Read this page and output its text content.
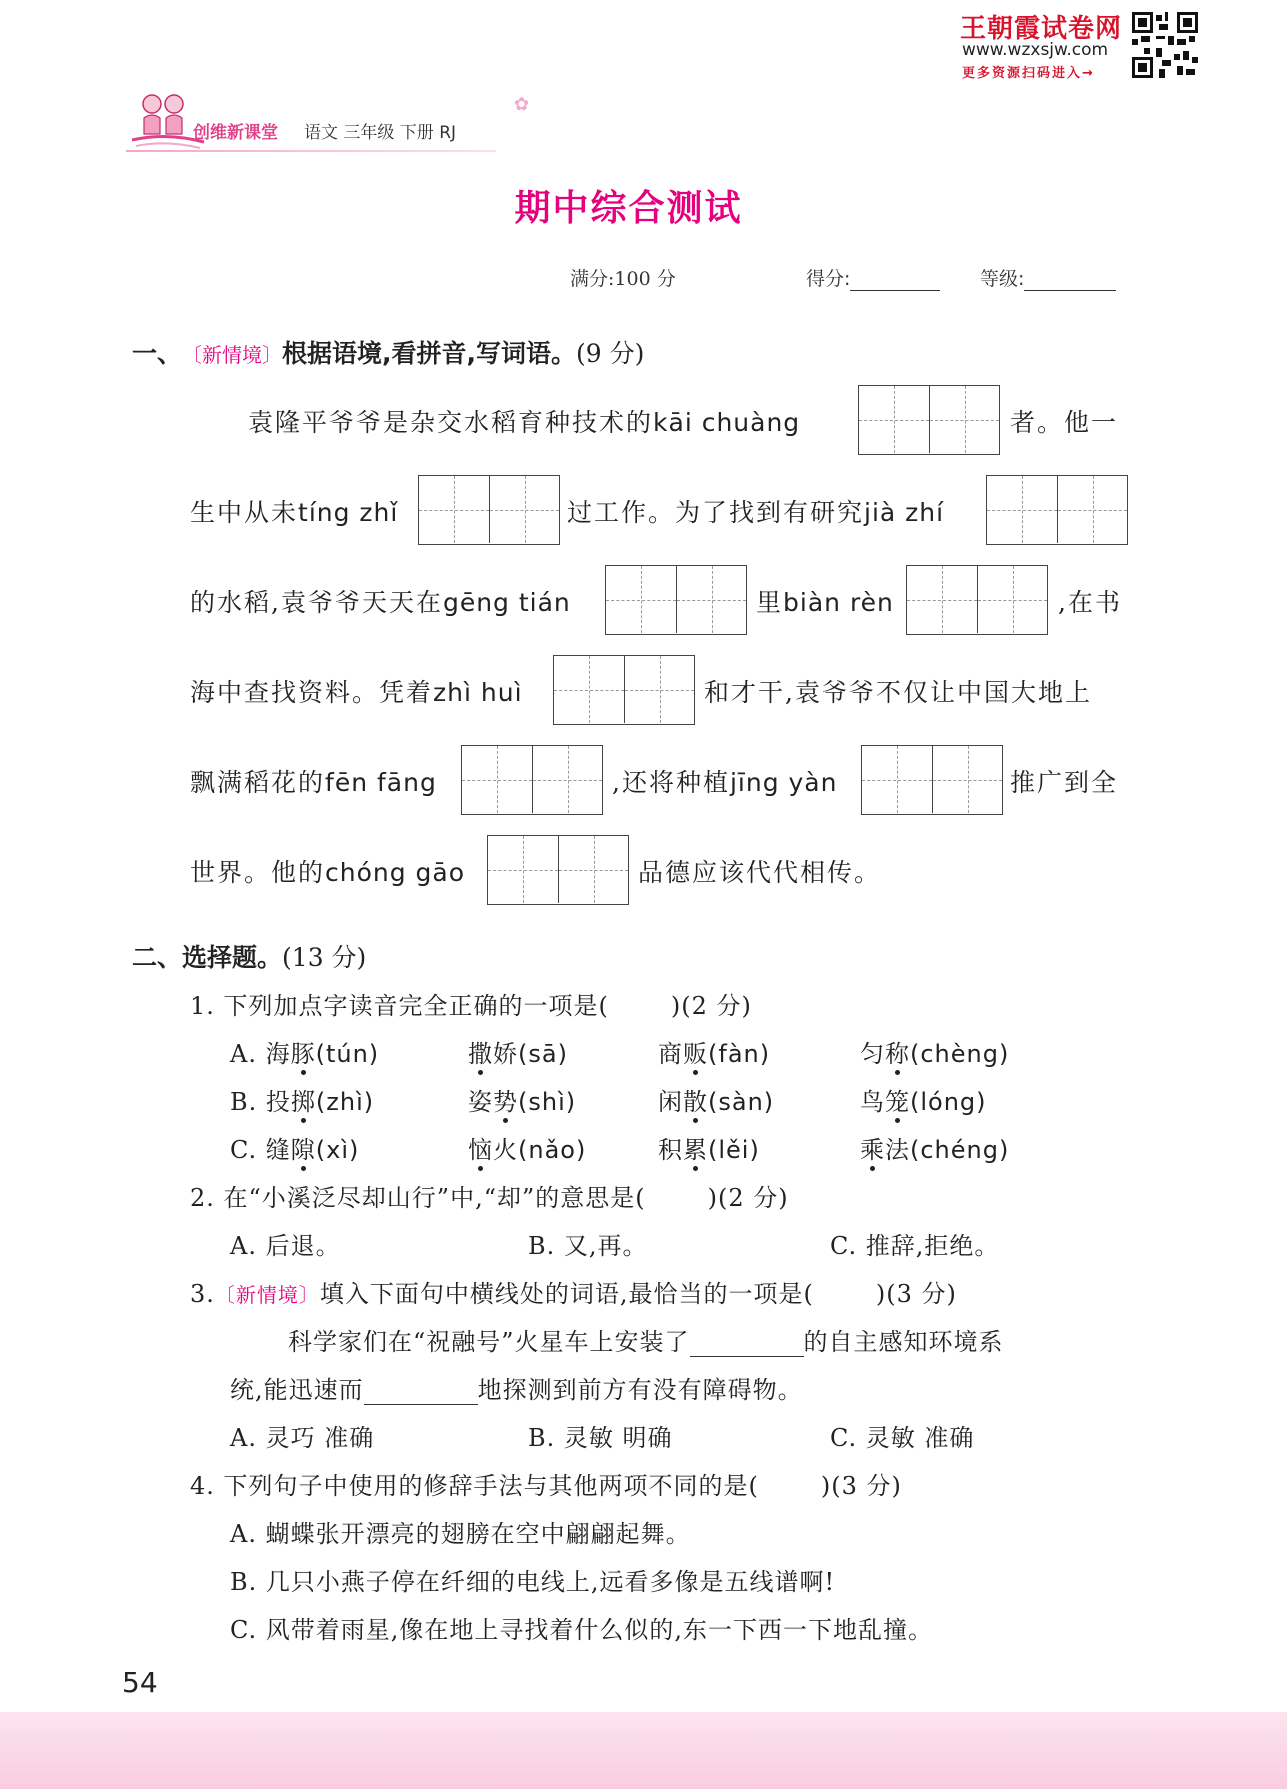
王朝霞试卷网
www.wzxsjw.com
更多资源扫码进入→
创维新课堂 语文 三年级 下册 RJ
✿
期中综合测试
满分:100 分	得分:	等级:
一、〔新情境〕根据语境,看拼音,写词语。(9 分)
袁隆平爷爷是杂交水稻育种技术的kāi chuàng	者。他一
生中从未tíng zhǐ	过工作。为了找到有研究jià zhí
的水稻,袁爷爷天天在gēng tián	里biàn rèn	,在书
海中查找资料。凭着zhì huì	和才干,袁爷爷不仅让中国大地上
飘满稻花的fēn fāng	,还将种植jīng yàn	推广到全
世界。他的chóng gāo	品德应该代代相传。
二、选择题。(13 分)
1. 下列加点字读音完全正确的一项是(	)(2 分)
A. 海豚(tún)	撒娇(sā)	商贩(fàn)	匀称(chèng)
B. 投掷(zhì)	姿势(shì)	闲散(sàn)	鸟笼(lóng)
C. 缝隙(xì)	恼火(nǎo)	积累(lěi)	乘法(chéng)
2. 在“小溪泛尽却山行”中,“却”的意思是(	)(2 分)
A. 后退。	B. 又,再。	C. 推辞,拒绝。
3.〔新情境〕填入下面句中横线处的词语,最恰当的一项是(	)(3 分)
科学家们在“祝融号”火星车上安装了	的自主感知环境系
统,能迅速而	地探测到前方有没有障碍物。
A. 灵巧 准确	B. 灵敏 明确	C. 灵敏 准确
4. 下列句子中使用的修辞手法与其他两项不同的是(	)(3 分)
A. 蝴蝶张开漂亮的翅膀在空中翩翩起舞。
B. 几只小燕子停在纤细的电线上,远看多像是五线谱啊!
C. 风带着雨星,像在地上寻找着什么似的,东一下西一下地乱撞。
54
